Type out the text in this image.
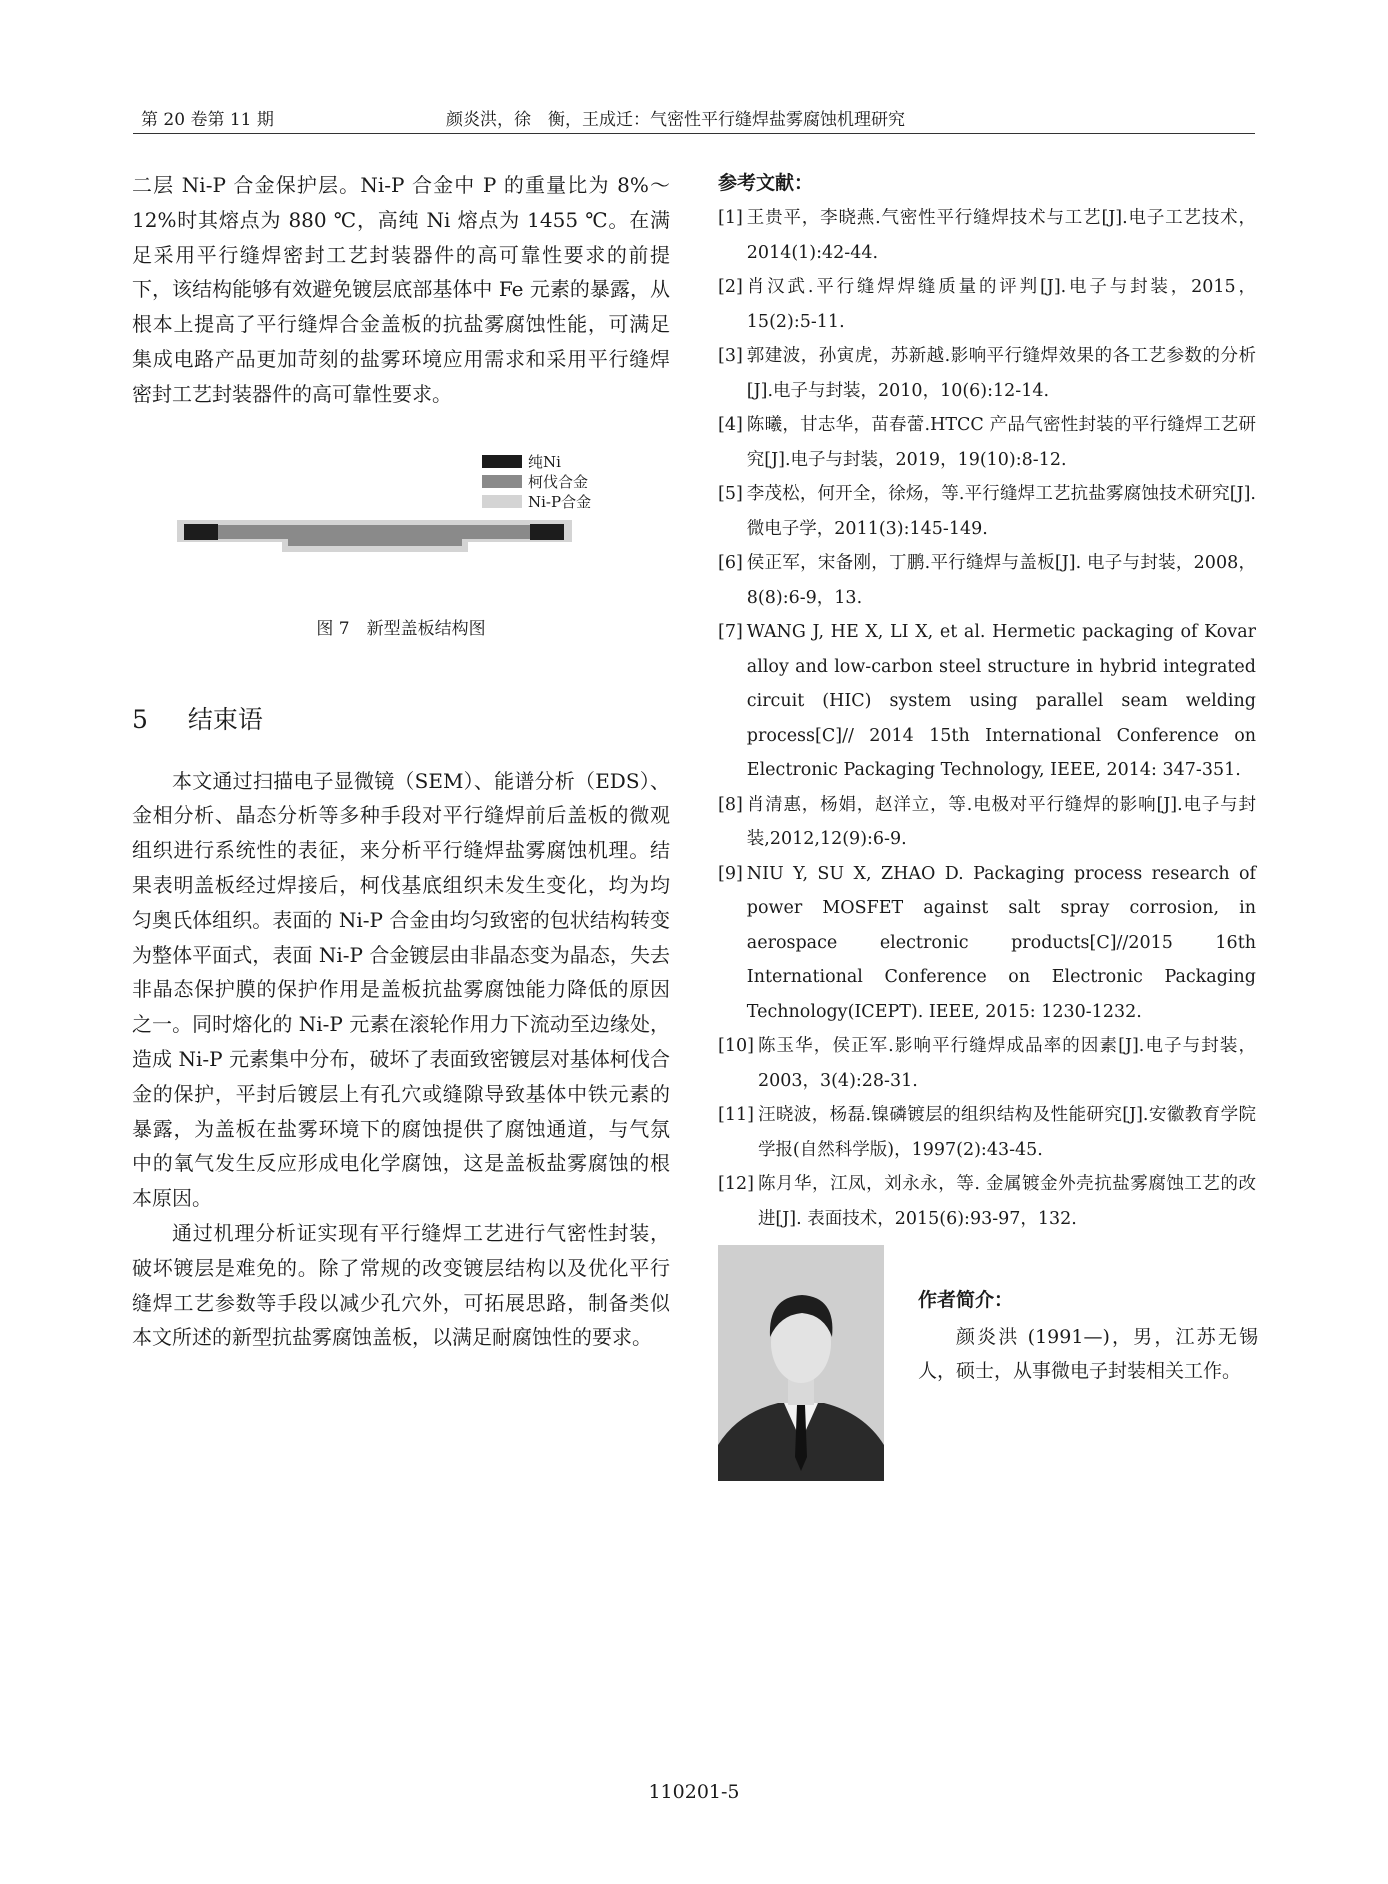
第 20 卷第 11 期	颜炎洪，徐　衡，王成迁：气密性平行缝焊盐雾腐蚀机理研究

二层 Ni-P 合金保护层。Ni-P 合金中 P 的重量比为 8%～12%时其熔点为 880 ℃，高纯 Ni 熔点为 1455 ℃。在满足采用平行缝焊密封工艺封装器件的高可靠性要求的前提下，该结构能够有效避免镀层底部基体中 Fe 元素的暴露，从根本上提高了平行缝焊合金盖板的抗盐雾腐蚀性能，可满足集成电路产品更加苛刻的盐雾环境应用需求和采用平行缝焊密封工艺封装器件的高可靠性要求。

纯Ni
柯伐合金
Ni-P合金
图 7　新型盖板结构图
5 结束语

本文通过扫描电子显微镜（SEM）、能谱分析（EDS）、金相分析、晶态分析等多种手段对平行缝焊前后盖板的微观组织进行系统性的表征，来分析平行缝焊盐雾腐蚀机理。结果表明盖板经过焊接后，柯伐基底组织未发生变化，均为均匀奥氏体组织。表面的 Ni-P 合金由均匀致密的包状结构转变为整体平面式，表面 Ni-P 合金镀层由非晶态变为晶态，失去非晶态保护膜的保护作用是盖板抗盐雾腐蚀能力降低的原因之一。同时熔化的 Ni-P 元素在滚轮作用力下流动至边缘处，造成 Ni-P 元素集中分布，破坏了表面致密镀层对基体柯伐合金的保护，平封后镀层上有孔穴或缝隙导致基体中铁元素的暴露，为盖板在盐雾环境下的腐蚀提供了腐蚀通道，与气氛中的氧气发生反应形成电化学腐蚀，这是盖板盐雾腐蚀的根本原因。

通过机理分析证实现有平行缝焊工艺进行气密性封装，破坏镀层是难免的。除了常规的改变镀层结构以及优化平行缝焊工艺参数等手段以减少孔穴外，可拓展思路，制备类似本文所述的新型抗盐雾腐蚀盖板，以满足耐腐蚀性的要求。

参考文献：
[1] 王贵平，李晓燕.气密性平行缝焊技术与工艺[J].电子工艺技术，2014(1):42-44.
[2] 肖汉武.平行缝焊焊缝质量的评判[J].电子与封装，2015，15(2):5-11.
[3] 郭建波，孙寅虎，苏新越.影响平行缝焊效果的各工艺参数的分析[J].电子与封装，2010，10(6):12-14.
[4] 陈曦，甘志华，苗春蕾.HTCC 产品气密性封装的平行缝焊工艺研究[J].电子与封装，2019，19(10):8-12.
[5] 李茂松，何开全，徐炀，等.平行缝焊工艺抗盐雾腐蚀技术研究[J].微电子学，2011(3):145-149.
[6] 侯正军，宋备刚，丁鹏.平行缝焊与盖板[J]. 电子与封装，2008，8(8):6-9，13.
[7] WANG J, HE X, LI X, et al. Hermetic packaging of Kovar alloy and low-carbon steel structure in hybrid integrated circuit (HIC) system using parallel seam welding process[C]// 2014 15th International Conference on Electronic Packaging Technology, IEEE, 2014: 347-351.
[8] 肖清惠，杨娟，赵洋立，等.电极对平行缝焊的影响[J].电子与封装,2012,12(9):6-9.
[9] NIU Y, SU X, ZHAO D. Packaging process research of power MOSFET against salt spray corrosion, in aerospace electronic products[C]//2015 16th International Conference on Electronic Packaging Technology(ICEPT). IEEE, 2015: 1230-1232.
[10] 陈玉华，侯正军.影响平行缝焊成品率的因素[J].电子与封装，2003，3(4):28-31.
[11] 汪晓波，杨磊.镍磷镀层的组织结构及性能研究[J].安徽教育学院学报(自然科学版)，1997(2):43-45.
[12] 陈月华，江凤，刘永永，等. 金属镀金外壳抗盐雾腐蚀工艺的改进[J]. 表面技术，2015(6):93-97，132.
作者简介：

颜炎洪 (1991—)，男，江苏无锡人，硕士，从事微电子封装相关工作。

110201-5
